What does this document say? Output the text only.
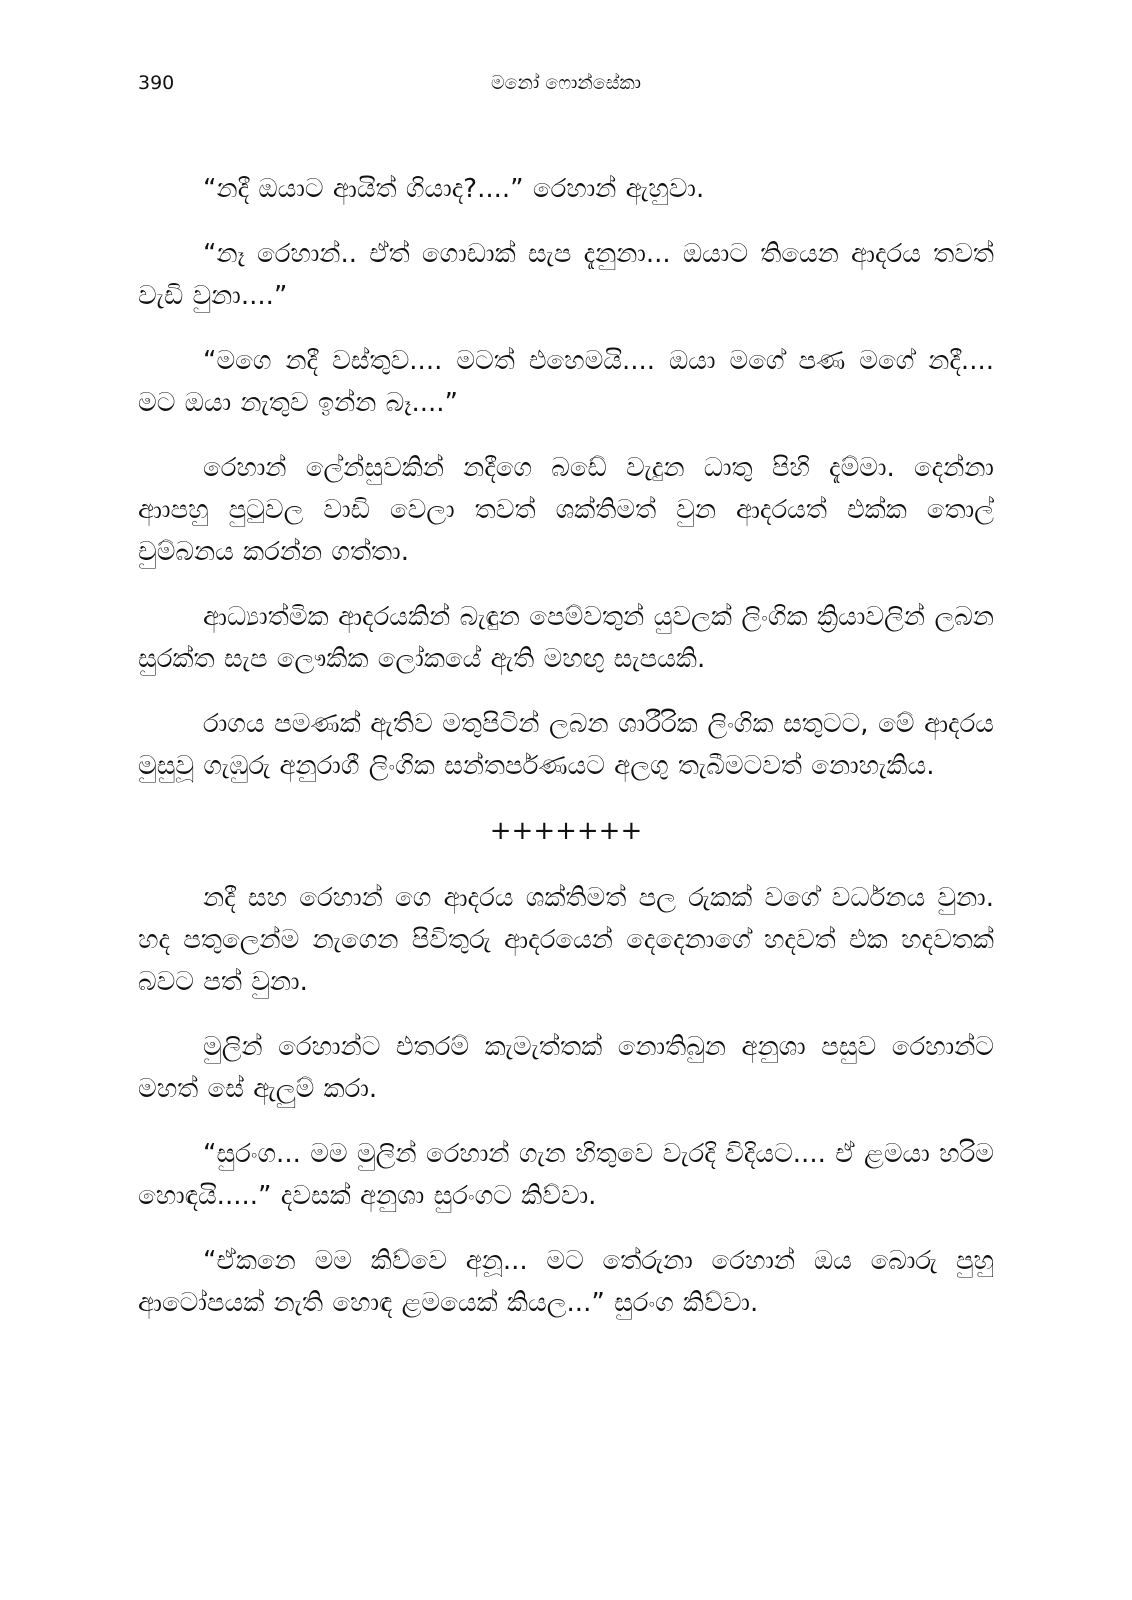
390	මනෝ ෆොන්සේකා

“නදී ඔයාට ආයිත් ගියාද?....” රෙහාන් ඇහුවා.

“නෑ රෙහාන්.. ඒත් ගොඩාක් සැප දැනුනා... ඔයාට තියෙන ආදරය තවත් වැඩි වුනා....”

“මගෙ නදී වස්තුව.... මටත් එහෙමයි.... ඔයා මගේ පණ මගේ නදී.... මට ඔයා නැතුව ඉන්න බෑ....”

රෙහාන් ලේන්සුවකින් නදීගෙ බඩේ වැදුන ධාතු පිහි දැම්මා. දෙන්නා ආාපහු පුටුවල වාඩි වෙලා තවත් ශක්තිමත් වුන ආදරයත් එක්ක තොල් චුම්බනය කරන්න ගත්තා.

ආධ්‍යාත්මික ආදරයකින් බැඳුන පෙම්වතුන් යුවලක් ලිංගික ක්‍රියාවලින් ලබන සුරක්ත සැප ලෞකික ලෝකයේ ඇති මහඟු සැපයකි.

රාගය පමණක් ඇතිව මතුපිටින් ලබන ශාරීරික ලිංගික සතුටට, මේ ආදරය මුසුවූ ගැඹුරු අනුරාගී ලිංගික සන්තර්පණයට අලගු තැබීමටවත් නොහැකිය.

+++++++

නදී සහ රෙහාන් ගෙ ආදරය ශක්තිමත් පල රුකක් වගේ වර්ධනය වුනා. හද පතුලෙන්ම නැගෙන පිවිතුරු ආදරයෙන් දෙදෙනාගේ හදවත් එක හදවතක් බවට පත් වුනා.

මුලින් රෙහාන්ට එතරම් කැමැත්තක් නොතිබුන අනුශා පසුව රෙහාන්ට මහත් සේ ඇලුම් කරා.

“සුරංග... මම මුලින් රෙහාන් ගැන හිතුවෙ වැරදි විදියට.... ඒ ළමයා හරිම හොඳයි.....” දවසක් අනුශා සුරංගට කිව්වා.

“ඒකනෙ මම කිව්වෙ අනූ... මට තේරුනා රෙහාන් ඔය බොරු පුහු ආටෝපයක් නැති හොඳ ළමයෙක් කියල...” සුරංග කිව්වා.
